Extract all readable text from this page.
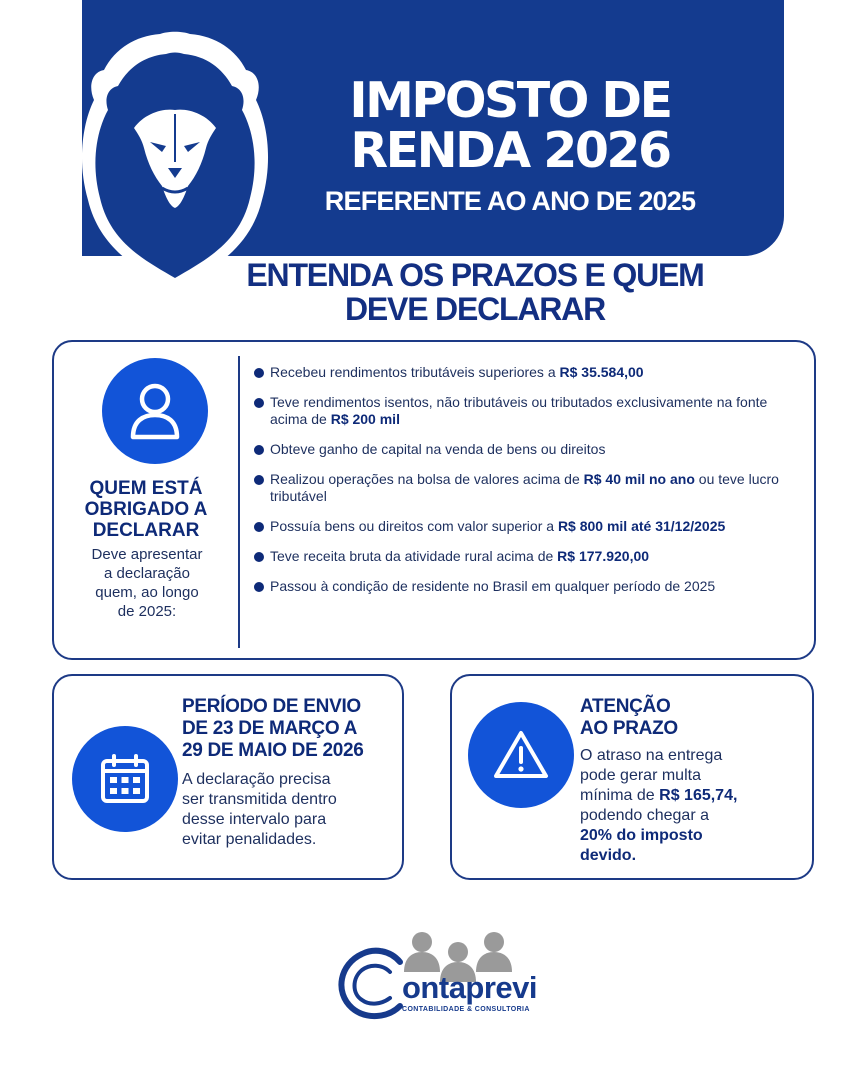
IMPOSTO DE
RENDA 2026
REFERENTE AO ANO DE 2025
ENTENDA OS PRAZOS E QUEM
DEVE DECLARAR
QUEM ESTÁ
OBRIGADO A
DECLARAR
Deve apresentar
a declaração
quem, ao longo
de 2025:
Recebeu rendimentos tributáveis superiores a R$ 35.584,00
Teve rendimentos isentos, não tributáveis ou tributados exclusivamente na fonte acima de R$ 200 mil
Obteve ganho de capital na venda de bens ou direitos
Realizou operações na bolsa de valores acima de R$ 40 mil no ano ou teve lucro tributável
Possuía bens ou direitos com valor superior a R$ 800 mil até 31/12/2025
Teve receita bruta da atividade rural acima de R$ 177.920,00
Passou à condição de residente no Brasil em qualquer período de 2025
PERÍODO DE ENVIO
DE 23 DE MARÇO A
29 DE MAIO DE 2026
A declaração precisa
ser transmitida dentro
desse intervalo para
evitar penalidades.
ATENÇÃO
AO PRAZO
O atraso na entrega
pode gerar multa
mínima de R$ 165,74,
podendo chegar a
20% do imposto
devido.
ontaprevi
CONTABILIDADE & CONSULTORIA
